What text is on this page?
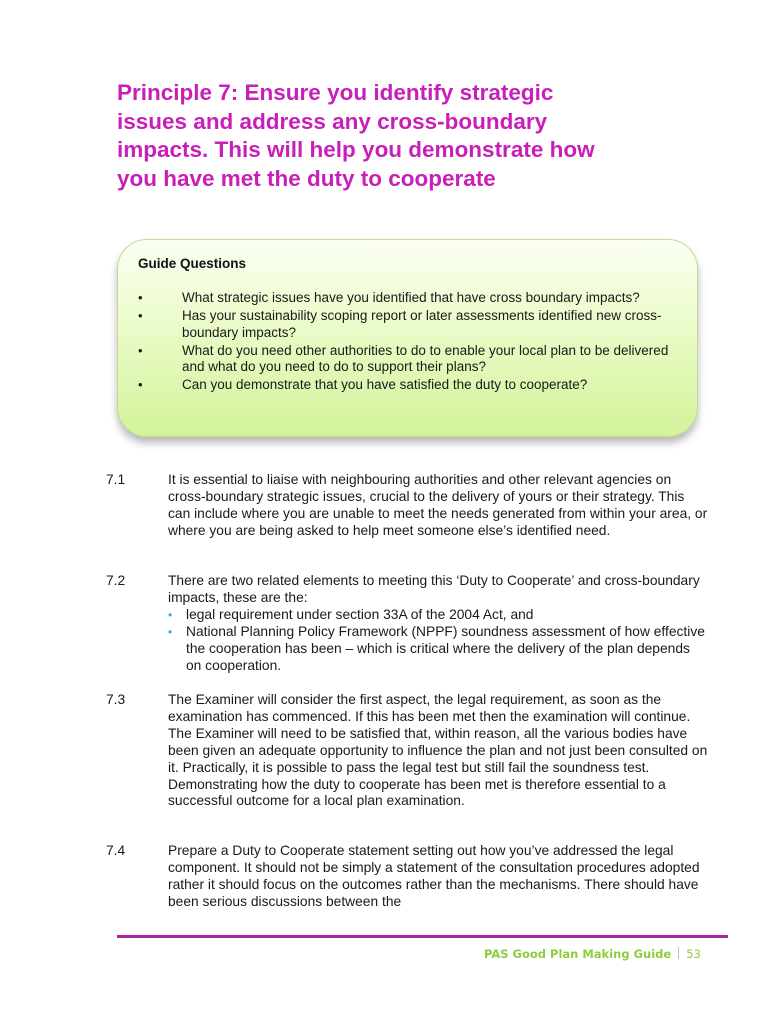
Principle 7: Ensure you identify strategic
issues and address any cross-boundary
impacts. This will help you demonstrate how
you have met the duty to cooperate
Guide Questions
•	What strategic issues have you identified that have cross boundary impacts?
•	Has your sustainability scoping report or later assessments identified new cross-boundary impacts?
•	What do you need other authorities to do to enable your local plan to be delivered and what do you need to do to support their plans?
•	Can you demonstrate that you have satisfied the duty to cooperate?
7.1	It is essential to liaise with neighbouring authorities and other relevant agencies on cross-boundary strategic issues, crucial to the delivery of yours or their strategy. This can include where you are unable to meet the needs generated from within your area, or where you are being asked to help meet someone else’s identified need.
7.2	There are two related elements to meeting this ‘Duty to Cooperate’ and cross-boundary impacts, these are the:
• legal requirement under section 33A of the 2004 Act, and
• National Planning Policy Framework (NPPF) soundness assessment of how effective the cooperation has been – which is critical where the delivery of the plan depends on cooperation.
7.3	The Examiner will consider the first aspect, the legal requirement, as soon as the examination has commenced. If this has been met then the examination will continue. The Examiner will need to be satisfied that, within reason, all the various bodies have been given an adequate opportunity to influence the plan and not just been consulted on it. Practically, it is possible to pass the legal test but still fail the soundness test. Demonstrating how the duty to cooperate has been met is therefore essential to a successful outcome for a local plan examination.
7.4	Prepare a Duty to Cooperate statement setting out how you’ve addressed the legal component. It should not be simply a statement of the consultation procedures adopted rather it should focus on the outcomes rather than the mechanisms. There should have been serious discussions between the
PAS Good Plan Making Guide 53
